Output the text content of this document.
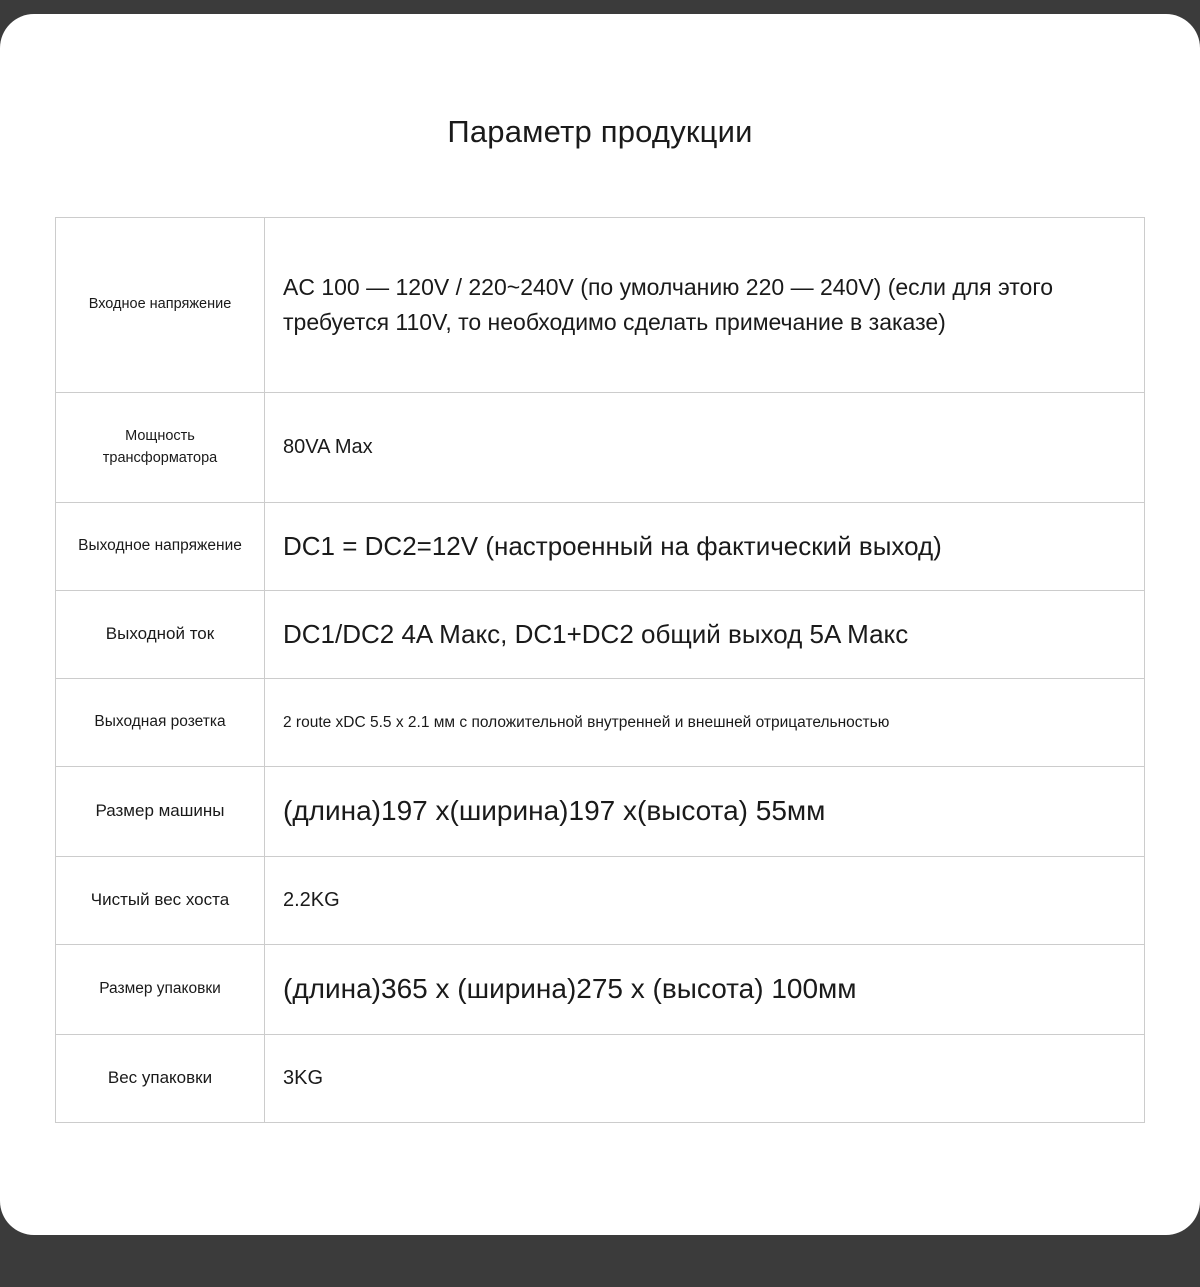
Параметр продукции
Входное напряжение	AC 100 — 120V / 220~240V (по умолчанию 220 — 240V) (если для этого требуется 110V, то необходимо сделать примечание в заказе)
Мощность трансформатора	80VA Max
Выходное напряжение	DC1 = DC2=12V (настроенный на фактический выход)
Выходной ток	DC1/DC2 4A Макс, DC1+DC2 общий выход 5A Макс
Выходная розетка	2 route xDC 5.5 x 2.1 мм с положительной внутренней и внешней отрицательностью
Размер машины	(длина)197 x(ширина)197 x(высота) 55мм
Чистый вес хоста	2.2KG
Размер упаковки	(длина)365 x (ширина)275 x (высота) 100мм
Вес упаковки	3KG
